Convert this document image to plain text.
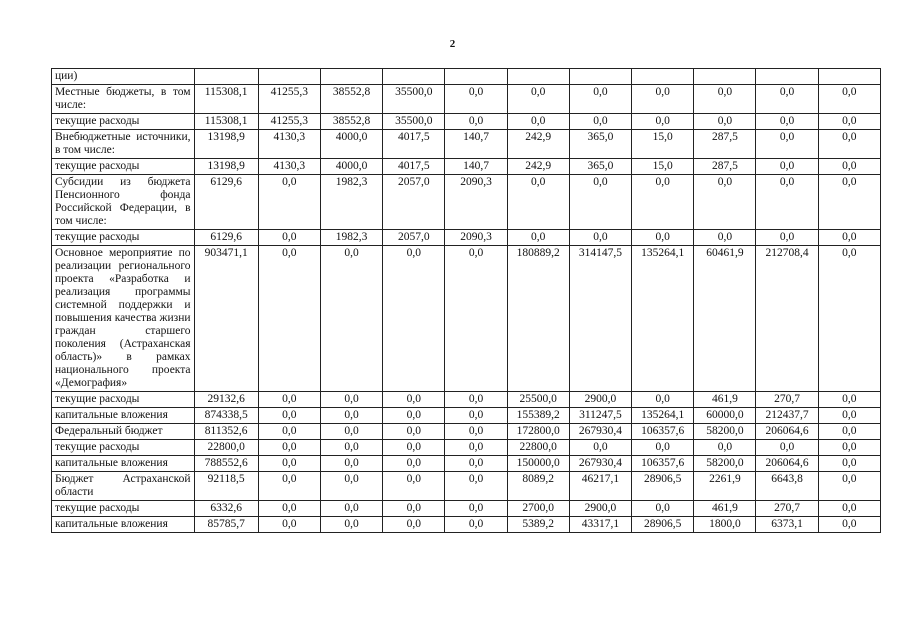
2
ции)											
Местные бюджеты, в том числе:	115308,1	41255,3	38552,8	35500,0	0,0	0,0	0,0	0,0	0,0	0,0	0,0
текущие расходы	115308,1	41255,3	38552,8	35500,0	0,0	0,0	0,0	0,0	0,0	0,0	0,0
Внебюджетные источники, в том числе:	13198,9	4130,3	4000,0	4017,5	140,7	242,9	365,0	15,0	287,5	0,0	0,0
текущие расходы	13198,9	4130,3	4000,0	4017,5	140,7	242,9	365,0	15,0	287,5	0,0	0,0
Субсидии из бюджета Пенсионного фонда Российской Федерации, в том числе:	6129,6	0,0	1982,3	2057,0	2090,3	0,0	0,0	0,0	0,0	0,0	0,0
текущие расходы	6129,6	0,0	1982,3	2057,0	2090,3	0,0	0,0	0,0	0,0	0,0	0,0
Основное мероприятие по реализации регионального проекта «Разработка и реализация программы системной поддержки и повышения качества жизни граждан старшего поколения (Астраханская область)» в рамках национального проекта «Демография»	903471,1	0,0	0,0	0,0	0,0	180889,2	314147,5	135264,1	60461,9	212708,4	0,0
текущие расходы	29132,6	0,0	0,0	0,0	0,0	25500,0	2900,0	0,0	461,9	270,7	0,0
капитальные вложения	874338,5	0,0	0,0	0,0	0,0	155389,2	311247,5	135264,1	60000,0	212437,7	0,0
Федеральный бюджет	811352,6	0,0	0,0	0,0	0,0	172800,0	267930,4	106357,6	58200,0	206064,6	0,0
текущие расходы	22800,0	0,0	0,0	0,0	0,0	22800,0	0,0	0,0	0,0	0,0	0,0
капитальные вложения	788552,6	0,0	0,0	0,0	0,0	150000,0	267930,4	106357,6	58200,0	206064,6	0,0
Бюджет Астраханской области	92118,5	0,0	0,0	0,0	0,0	8089,2	46217,1	28906,5	2261,9	6643,8	0,0
текущие расходы	6332,6	0,0	0,0	0,0	0,0	2700,0	2900,0	0,0	461,9	270,7	0,0
капитальные вложения	85785,7	0,0	0,0	0,0	0,0	5389,2	43317,1	28906,5	1800,0	6373,1	0,0
